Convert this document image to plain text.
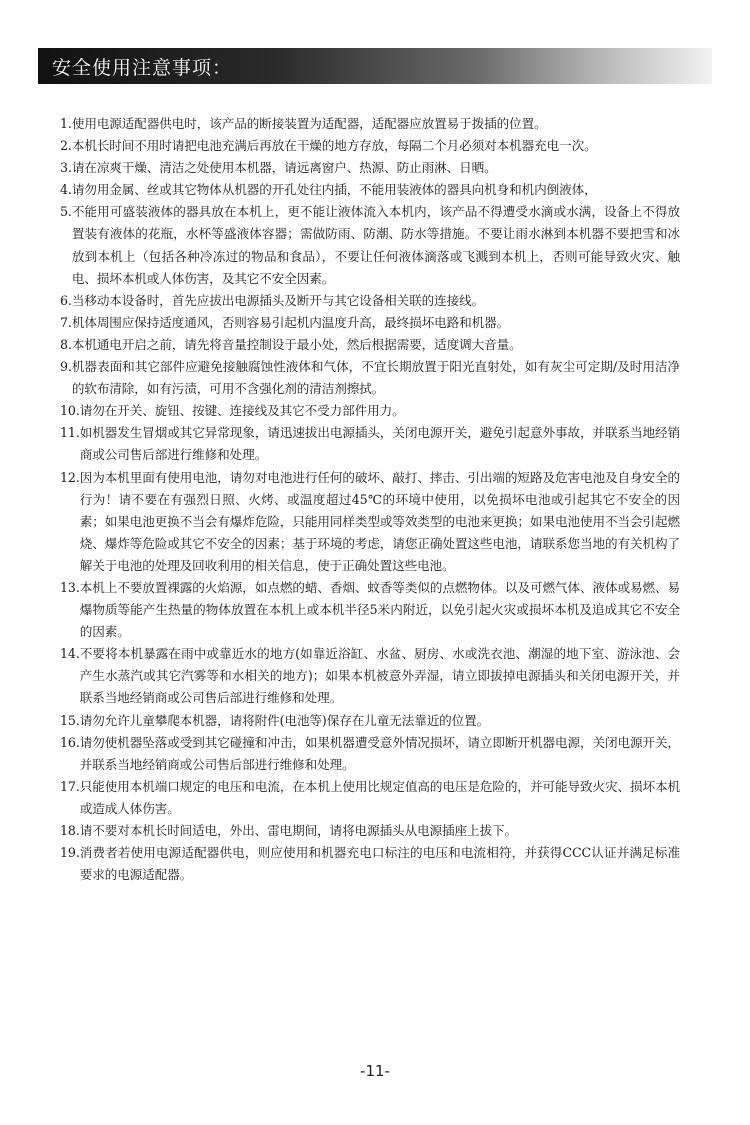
安全使用注意事项：
1. 使用电源适配器供电时，该产品的断接装置为适配器，适配器应放置易于拨插的位置。
2. 本机长时间不用时请把电池充满后再放在干燥的地方存放，每隔二个月必须对本机器充电一次。
3. 请在凉爽干燥、清洁之处使用本机器，请远离窗户、热源、防止雨淋、日晒。
4. 请勿用金属、丝或其它物体从机器的开孔处往内插，不能用装液体的器具向机身和机内倒液体，
5. 不能用可盛装液体的器具放在本机上，更不能让液体流入本机内，该产品不得遭受水滴或水满，设备上不得放置装有液体的花瓶，水杯等盛液体容器；需做防雨、防潮、防水等措施。不要让雨水淋到本机器不要把雪和冰放到本机上（包括各种冷冻过的物品和食品），不要让任何液体滴落或飞溅到本机上，否则可能导致火灾、触电、损坏本机或人体伤害，及其它不安全因素。
6. 当移动本设备时，首先应拔出电源插头及断开与其它设备相关联的连接线。
7. 机体周围应保持适度通风，否则容易引起机内温度升高，最终损坏电路和机器。
8. 本机通电开启之前，请先将音量控制设于最小处，然后根据需要，适度调大音量。
9. 机器表面和其它部件应避免接触腐蚀性液体和气体，不宜长期放置于阳光直射处，如有灰尘可定期/及时用洁净的软布清除，如有污渍，可用不含强化剂的清洁剂擦拭。
10. 请勿在开关、旋钮、按键、连接线及其它不受力部件用力。
11. 如机器发生冒烟或其它异常现象，请迅速拔出电源插头，关闭电源开关，避免引起意外事故，并联系当地经销商或公司售后部进行维修和处理。
12. 因为本机里面有使用电池，请勿对电池进行任何的破坏、敲打、摔击、引出端的短路及危害电池及自身安全的行为！请不要在有强烈日照、火烤、或温度超过45℃的环境中使用，以免损坏电池或引起其它不安全的因素；如果电池更换不当会有爆炸危险，只能用同样类型或等效类型的电池来更换；如果电池使用不当会引起燃烧、爆炸等危险或其它不安全的因素；基于环境的考虑，请您正确处置这些电池，请联系您当地的有关机构了解关于电池的处理及回收利用的相关信息，使于正确处置这些电池。
13. 本机上不要放置裸露的火焰源，如点燃的蜡、香烟、蚊香等类似的点燃物体。以及可燃气体、液体或易燃、易爆物质等能产生热量的物体放置在本机上或本机半径5米内附近，以免引起火灾或损坏本机及追成其它不安全的因素。
14. 不要将本机暴露在雨中或靠近水的地方(如靠近浴缸、水盆、厨房、水或洗衣池、潮湿的地下室、游泳池、会产生水蒸汽或其它汽雾等和水相关的地方)；如果本机被意外弄湿，请立即拔掉电源插头和关闭电源开关，并联系当地经销商或公司售后部进行维修和处理。
15. 请勿允许儿童攀爬本机器，请将附件(电池等)保存在儿童无法靠近的位置。
16. 请勿使机器坠落或受到其它碰撞和冲击，如果机器遭受意外情况损坏，请立即断开机器电源，关闭电源开关，并联系当地经销商或公司售后部进行维修和处理。
17. 只能使用本机端口规定的电压和电流，在本机上使用比规定值高的电压是危险的，并可能导致火灾、损坏本机或造成人体伤害。
18. 请不要对本机长时间适电，外出、雷电期间，请将电源插头从电源插座上拔下。
19. 消费者若使用电源适配器供电，则应使用和机器充电口标注的电压和电流相符，并获得CCC认证并满足标准要求的电源适配器。
-11-
